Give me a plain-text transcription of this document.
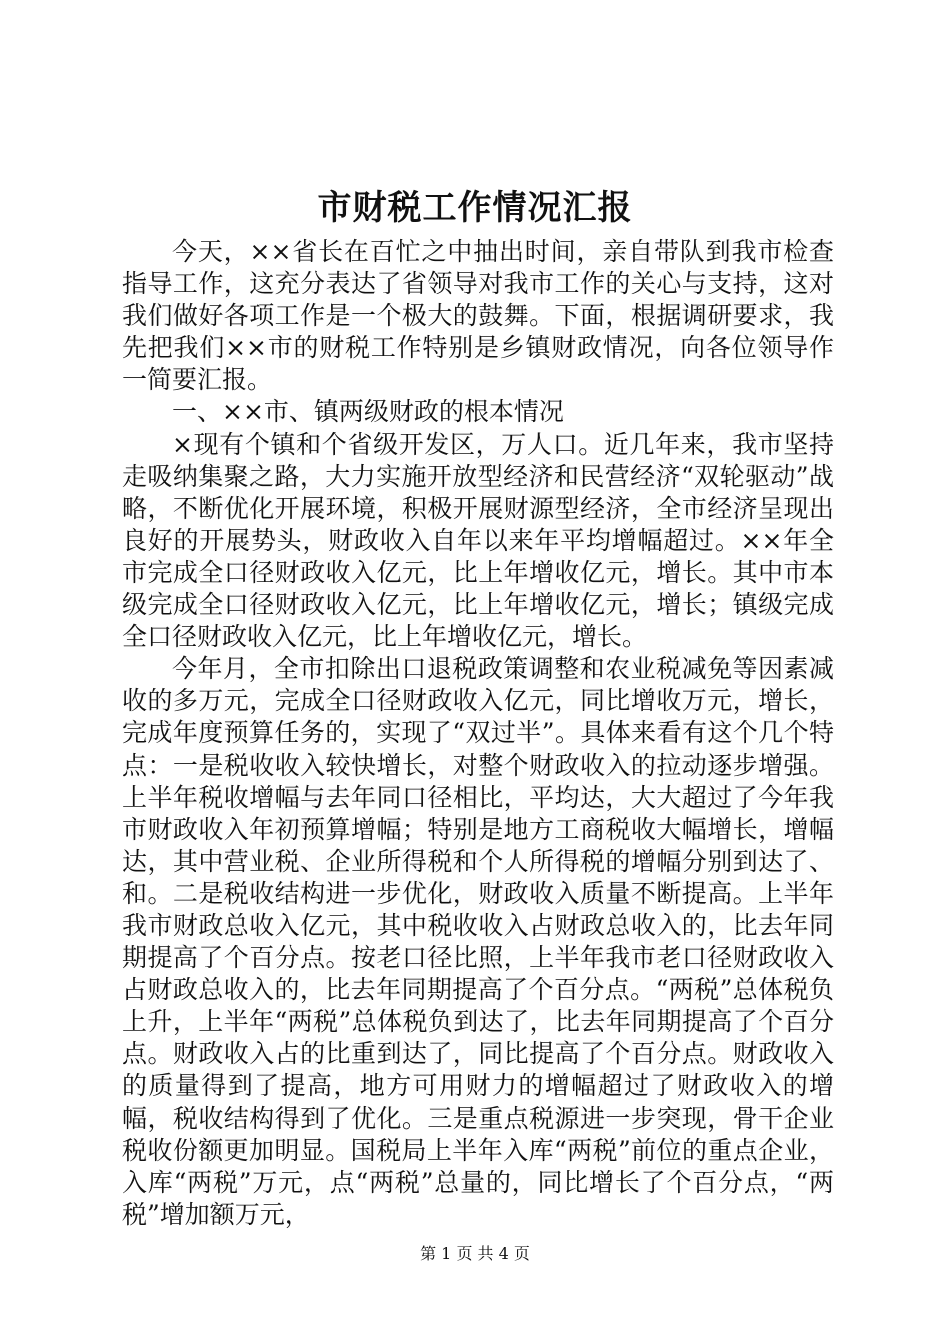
市财税工作情况汇报

今天，××省长在百忙之中抽出时间，亲自带队到我市检查指导工作，这充分表达了省领导对我市工作的关心与支持，这对我们做好各项工作是一个极大的鼓舞。下面，根据调研要求，我先把我们××市的财税工作特别是乡镇财政情况，向各位领导作一简要汇报。

一、××市、镇两级财政的根本情况

×现有个镇和个省级开发区，万人口。近几年来，我市坚持走吸纳集聚之路，大力实施开放型经济和民营经济“双轮驱动”战略，不断优化开展环境，积极开展财源型经济，全市经济呈现出良好的开展势头，财政收入自年以来年平均增幅超过。××年全市完成全口径财政收入亿元，比上年增收亿元，增长。其中市本级完成全口径财政收入亿元，比上年增收亿元，增长；镇级完成全口径财政收入亿元，比上年增收亿元，增长。

今年月，全市扣除出口退税政策调整和农业税减免等因素减收的多万元，完成全口径财政收入亿元，同比增收万元，增长，完成年度预算任务的，实现了“双过半”。具体来看有这个几个特点：一是税收收入较快增长，对整个财政收入的拉动逐步增强。上半年税收增幅与去年同口径相比，平均达，大大超过了今年我市财政收入年初预算增幅；特别是地方工商税收大幅增长，增幅达，其中营业税、企业所得税和个人所得税的增幅分别到达了、和。二是税收结构进一步优化，财政收入质量不断提高。上半年我市财政总收入亿元，其中税收收入占财政总收入的，比去年同期提高了个百分点。按老口径比照，上半年我市老口径财政收入占财政总收入的，比去年同期提高了个百分点。“两税”总体税负上升，上半年“两税”总体税负到达了，比去年同期提高了个百分点。财政收入占的比重到达了，同比提高了个百分点。财政收入的质量得到了提高，地方可用财力的增幅超过了财政收入的增幅，税收结构得到了优化。三是重点税源进一步突现，骨干企业税收份额更加明显。国税局上半年入库“两税”前位的重点企业，入库“两税”万元，点“两税”总量的，同比增长了个百分点，“两税”增加额万元，

第 1 页 共 4 页
